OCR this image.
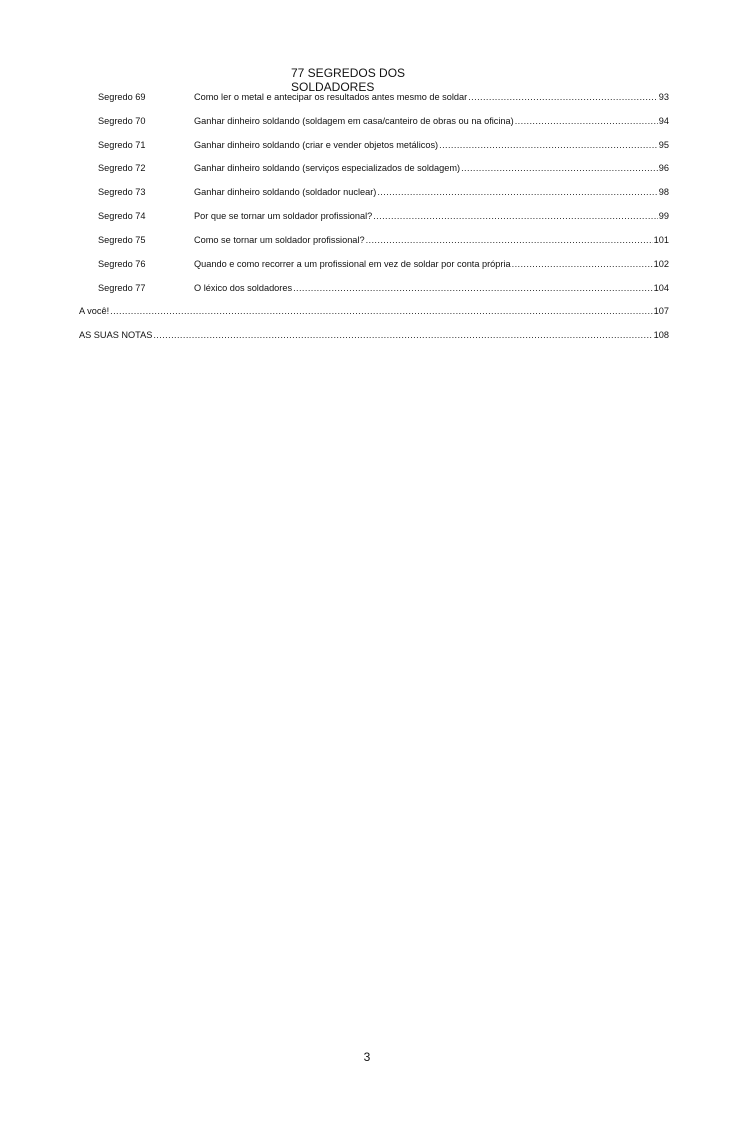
77 SEGREDOS DOS
SOLDADORES
Segredo 69	Como ler o metal e antecipar os resultados antes mesmo de soldar .....	93
Segredo 70	Ganhar dinheiro soldando (soldagem em casa/canteiro de obras ou na oficina) .....	94
Segredo 71	Ganhar dinheiro soldando (criar e vender objetos metálicos) .....	95
Segredo 72	Ganhar dinheiro soldando (serviços especializados de soldagem) .....	96
Segredo 73	Ganhar dinheiro soldando (soldador nuclear) .....	98
Segredo 74	Por que se tornar um soldador profissional? .....	99
Segredo 75	Como se tornar um soldador profissional? .....	101
Segredo 76	Quando e como recorrer a um profissional em vez de soldar por conta própria .....	102
Segredo 77	O léxico dos soldadores .....	104
A você! .....	107
AS SUAS NOTAS .....	108
3
